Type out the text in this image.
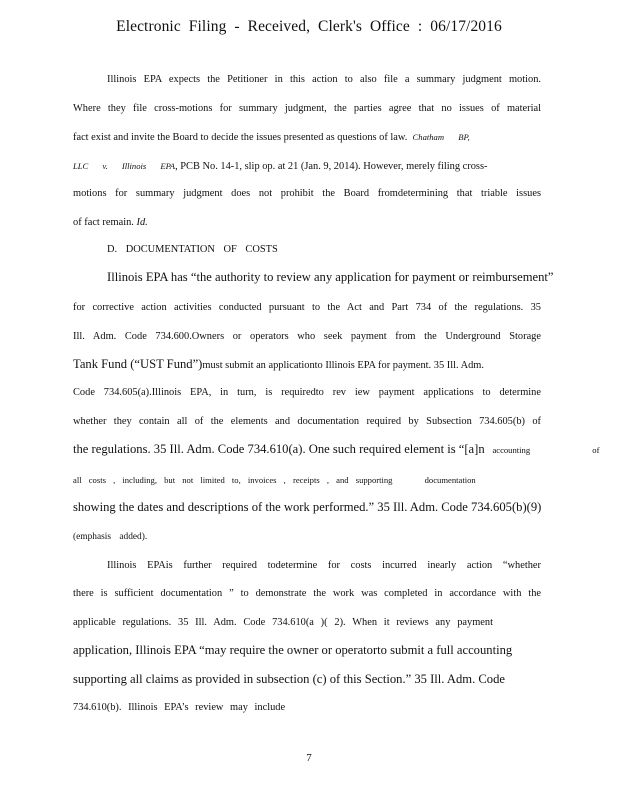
Electronic Filing - Received, Clerk's Office : 06/17/2016
Illinois EPA expects the Petitioner in this action to also file a summary judgment motion.
Where they file cross-motions for summary judgment, the parties agree that no issues of material
fact exist and invite the Board to decide the issues presented as questions of law. Chatham BP,
LLC v. Illinois EPA, PCB No. 14-1, slip op. at 21 (Jan. 9, 2014). However, merely filing cross-
motions for summary judgment does not prohibit the Board fromdetermining that triable issues
of fact remain. Id.
D. DOCUMENTATION OF COSTS
Illinois EPA has “the authority to review any application for payment or reimbursement”
for corrective action activities conducted pursuant to the Act and Part 734 of the regulations. 35
Ill. Adm. Code 734.600.Owners or operators who seek payment from the Underground Storage
Tank Fund (“UST Fund”)must submit an applicationto Illinois EPA for payment. 35 Ill. Adm.
Code 734.605(a).Illinois EPA, in turn, is requiredto rev iew payment applications to determine
whether they contain all of the elements and documentation required by Subsection 734.605(b) of
the regulations. 35 Ill. Adm. Code 734.610(a). One such required element is “[a]n accounting of
all costs , including, but not limited to, invoices , receipts , and supporting documentation
showing the dates and descriptions of the work performed.” 35 Ill. Adm. Code 734.605(b)(9)
(emphasis added).
Illinois EPAis further required todetermine for costs incurred inearly action “whether
there is sufficient documentation ” to demonstrate the work was completed in accordance with the
applicable regulations. 35 Ill. Adm. Code 734.610(a )( 2). When it reviews any payment
application, Illinois EPA “may require the owner or operatorto submit a full accounting
supporting all claims as provided in subsection (c) of this Section.” 35 Ill. Adm. Code
734.610(b). Illinois EPA’s review may include
7
